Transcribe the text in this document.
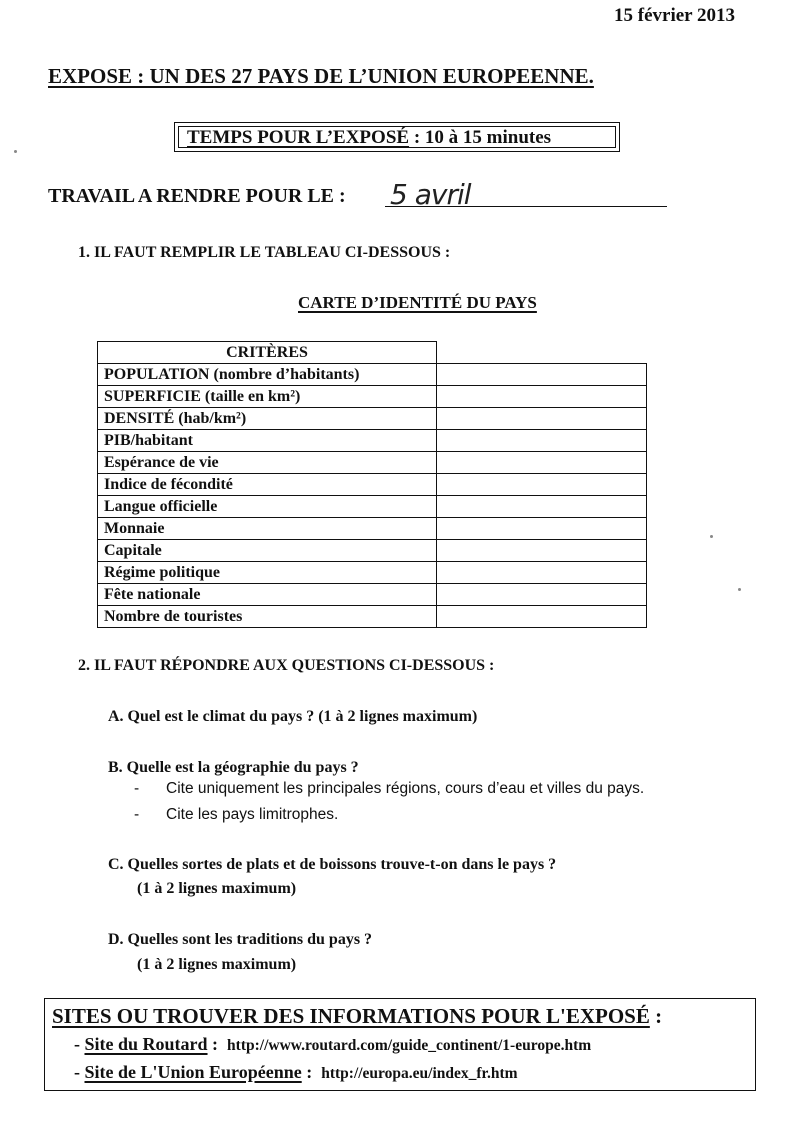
15 février 2013
EXPOSE : UN DES 27 PAYS DE L’UNION EUROPEENNE.
TEMPS POUR L’EXPOSÉ : 10 à 15 minutes
TRAVAIL A RENDRE POUR LE : 5 avril
1. IL FAUT REMPLIR LE TABLEAU CI-DESSOUS :
CARTE D’IDENTITÉ DU PAYS
CRITÈRES	
POPULATION (nombre d’habitants)	
SUPERFICIE (taille en km²)	
DENSITÉ (hab/km²)	
PIB/habitant	
Espérance de vie	
Indice de fécondité	
Langue officielle	
Monnaie	
Capitale	
Régime politique	
Fête nationale	
Nombre de touristes	
2. IL FAUT RÉPONDRE AUX QUESTIONS CI-DESSOUS :
A. Quel est le climat du pays ? (1 à 2 lignes maximum)
B. Quelle est la géographie du pays ?
- Cite uniquement les principales régions, cours d’eau et villes du pays.
- Cite les pays limitrophes.
C. Quelles sortes de plats et de boissons trouve-t-on dans le pays ?
(1 à 2 lignes maximum)
D. Quelles sont les traditions du pays ?
(1 à 2 lignes maximum)
SITES OU TROUVER DES INFORMATIONS POUR L'EXPOSÉ :
- Site du Routard :  http://www.routard.com/guide_continent/1-europe.htm
- Site de L'Union Européenne :  http://europa.eu/index_fr.htm
